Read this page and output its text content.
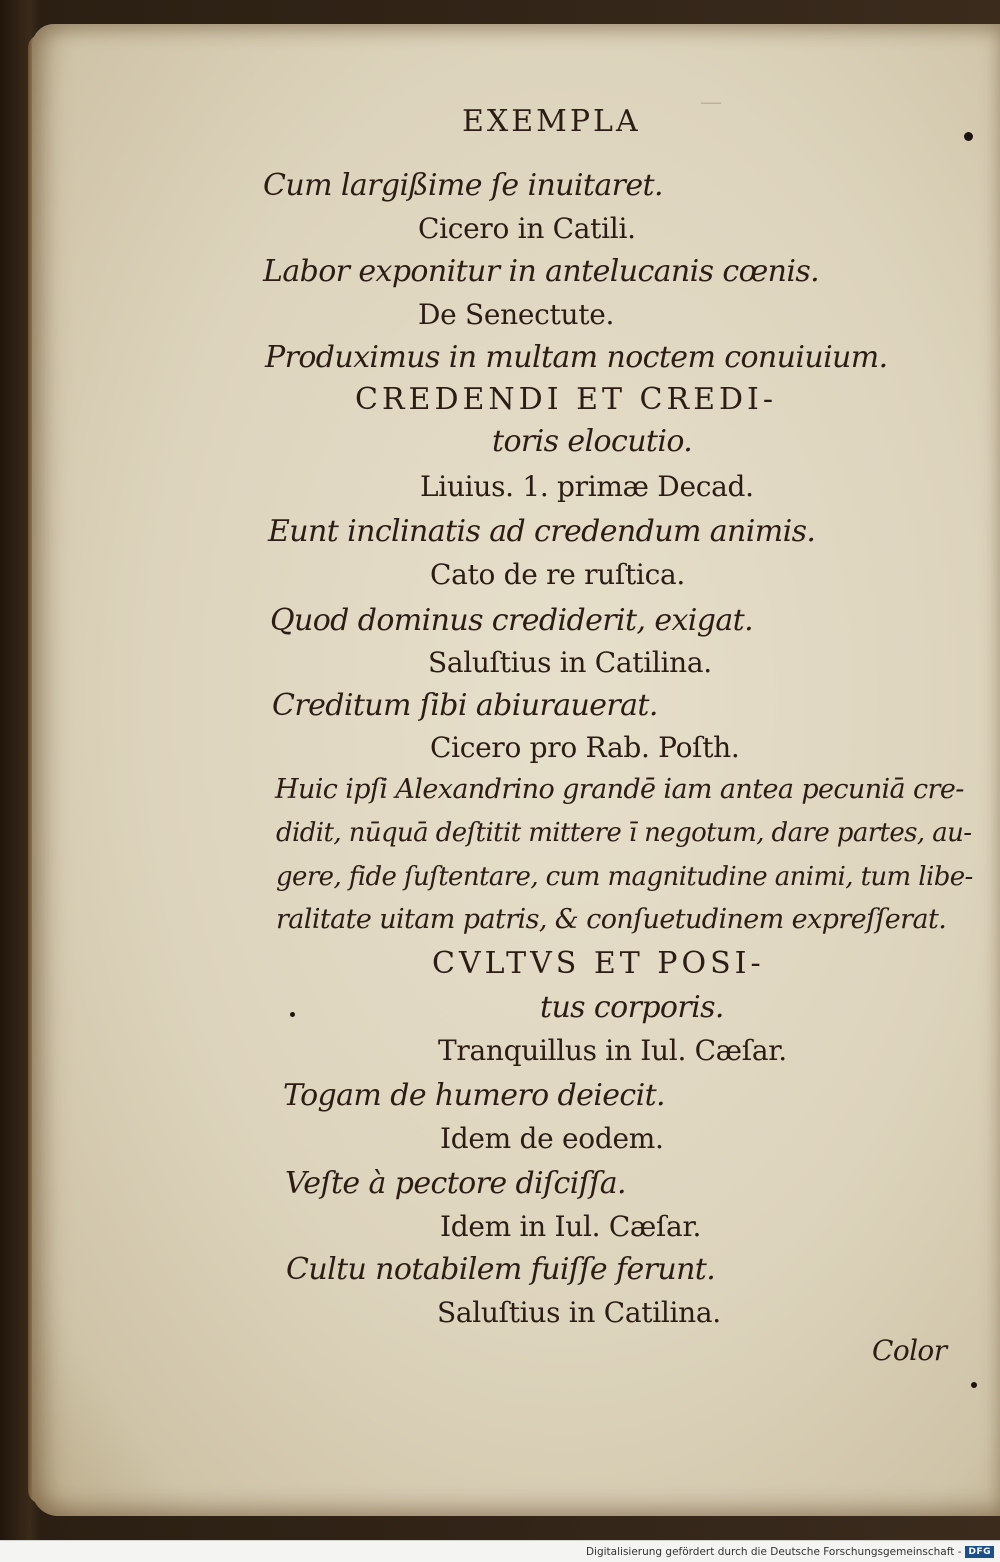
—
EXEMPLA
Cum largißime ſe inuitaret.
Cicero in Catili.
Labor exponitur in antelucanis cœnis.
De Senectute.
Produximus in multam noctem conuiuium.
CREDENDI ET CREDI-
toris elocutio.
Liuius. 1. primæ Decad.
Eunt inclinatis ad credendum animis.
Cato de re ruſtica.
Quod dominus crediderit, exigat.
Saluſtius in Catilina.
Creditum ſibi abiurauerat.
Cicero pro Rab. Poſth.
Huic ipſi Alexandrino grandē iam antea pecuniā cre-
didit, nūquā deſtitit mittere ī negotum, dare partes, au-
gere, fide ſuſtentare, cum magnitudine animi, tum libe-
ralitate uitam patris, & conſuetudinem expreſſerat.
CVLTVS ET POSI-
tus corporis.
Tranquillus in Iul. Cæſar.
Togam de humero deiecit.
Idem de eodem.
Veſte à pectore diſciſſa.
Idem in Iul. Cæſar.
Cultu notabilem fuiſſe ferunt.
Saluſtius in Catilina.
Color
Digitalisierung gefördert durch die Deutsche Forschungsgemeinschaft - DFG
